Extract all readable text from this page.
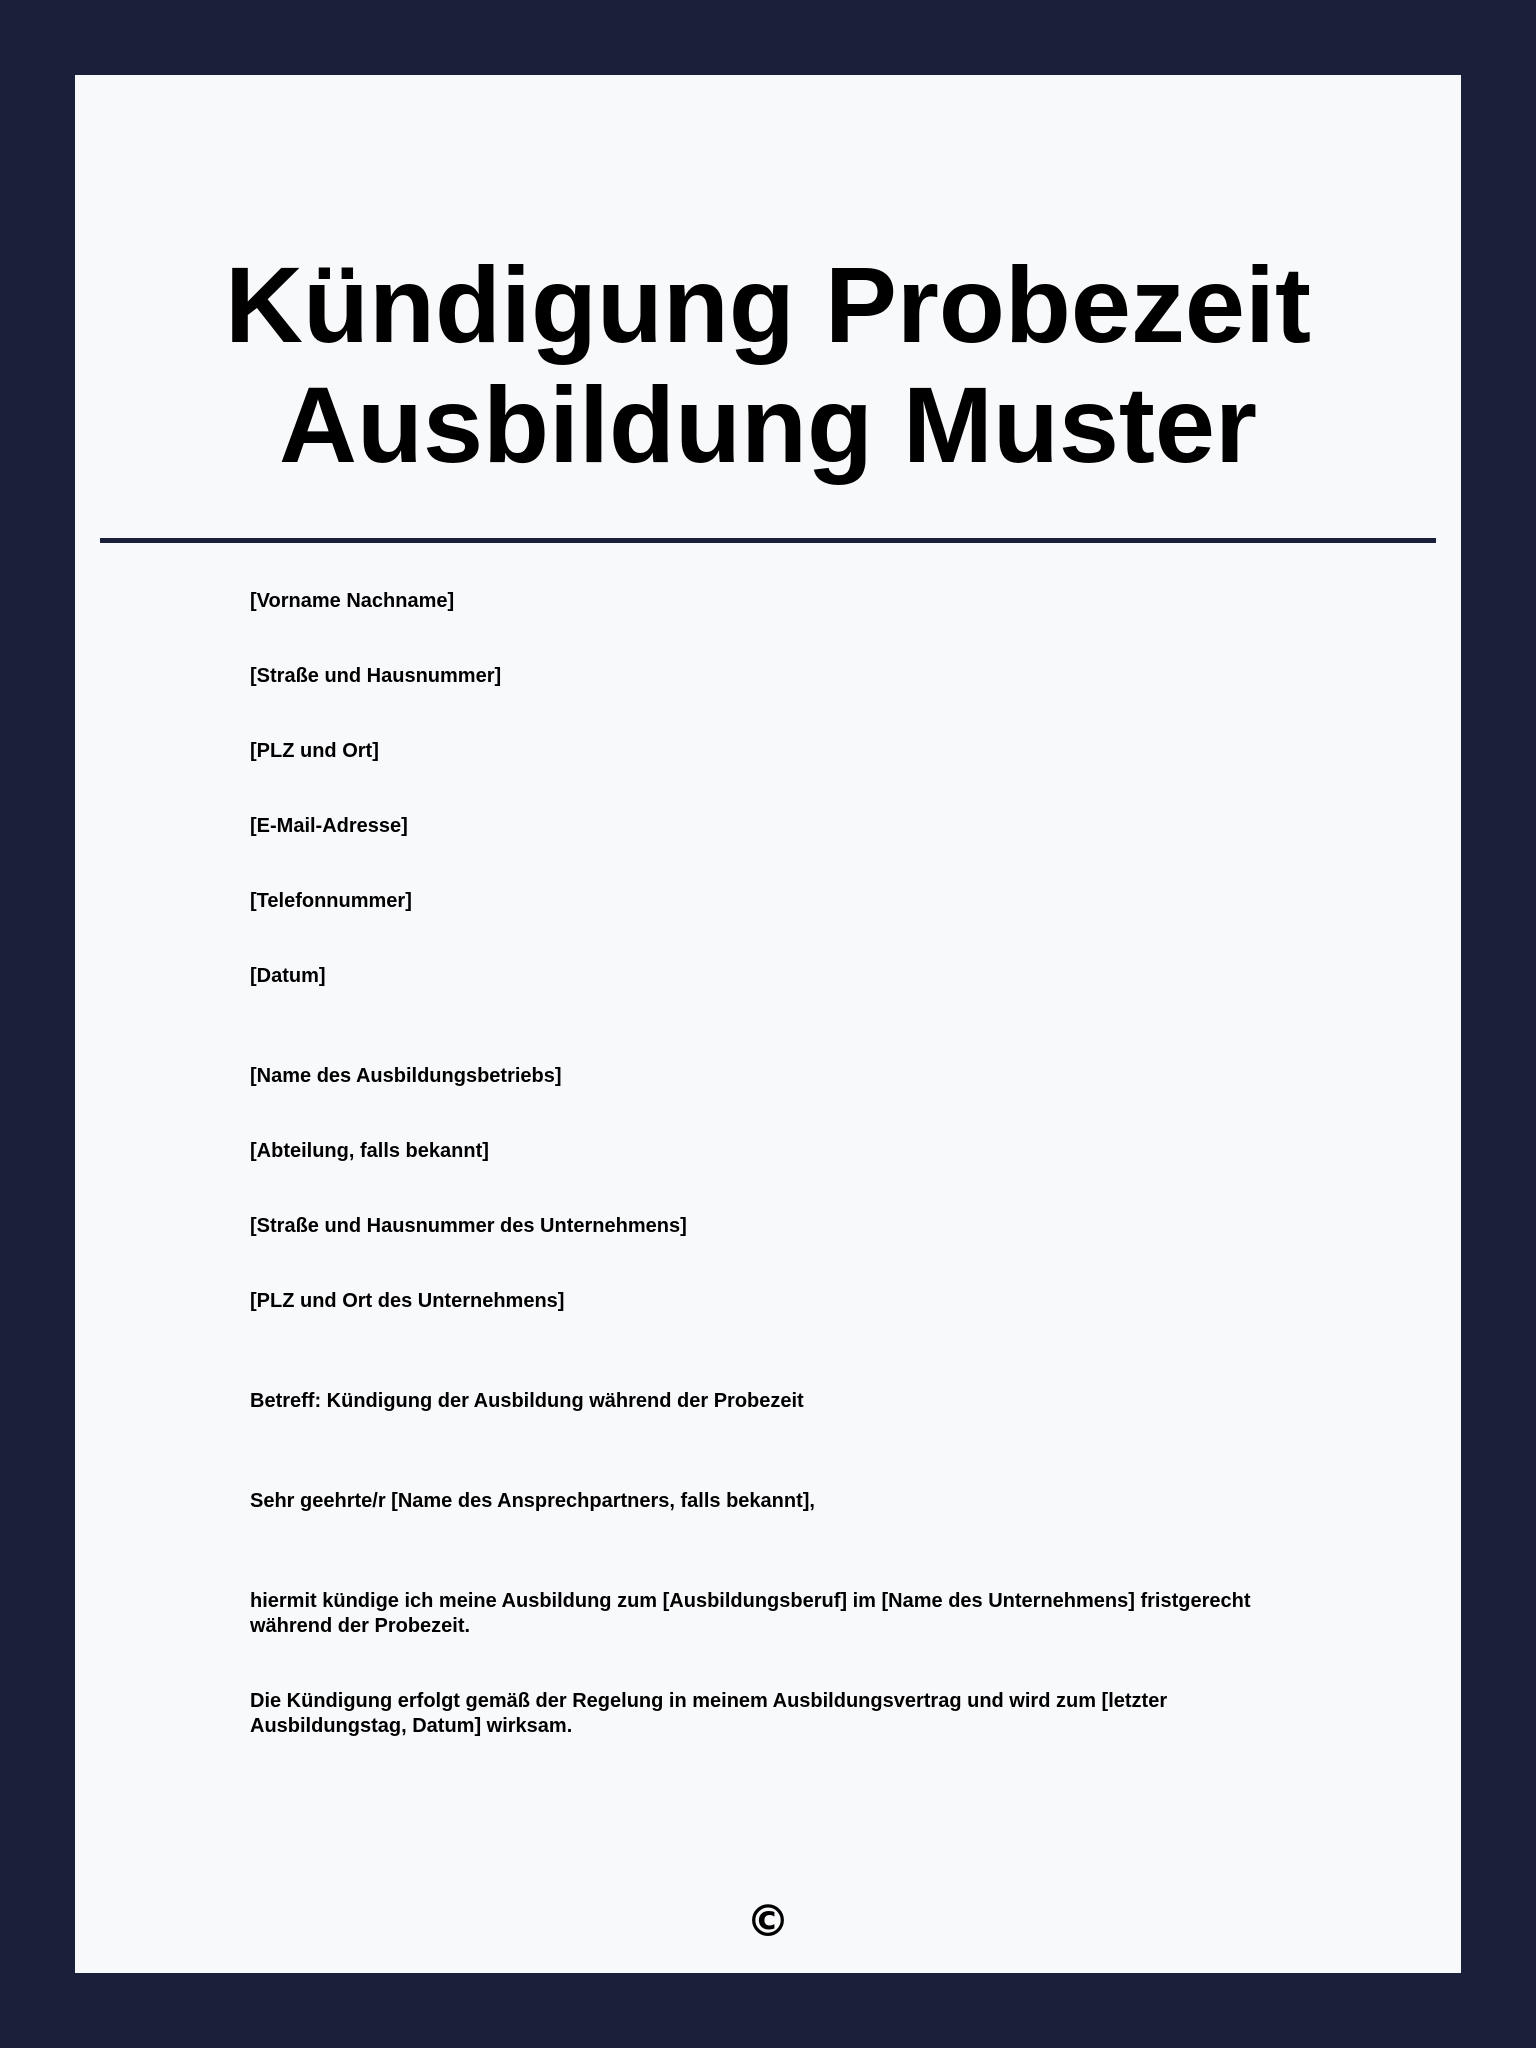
Kündigung Probezeit
Ausbildung Muster

[Vorname Nachname]

[Straße und Hausnummer]

[PLZ und Ort]

[E-Mail-Adresse]

[Telefonnummer]

[Datum]

[Name des Ausbildungsbetriebs]

[Abteilung, falls bekannt]

[Straße und Hausnummer des Unternehmens]

[PLZ und Ort des Unternehmens]

Betreff: Kündigung der Ausbildung während der Probezeit

Sehr geehrte/r [Name des Ansprechpartners, falls bekannt],

hiermit kündige ich meine Ausbildung zum [Ausbildungsberuf] im [Name des Unternehmens] fristgerecht während der Probezeit.

Die Kündigung erfolgt gemäß der Regelung in meinem Ausbildungsvertrag und wird zum [letzter Ausbildungstag, Datum] wirksam.

©
